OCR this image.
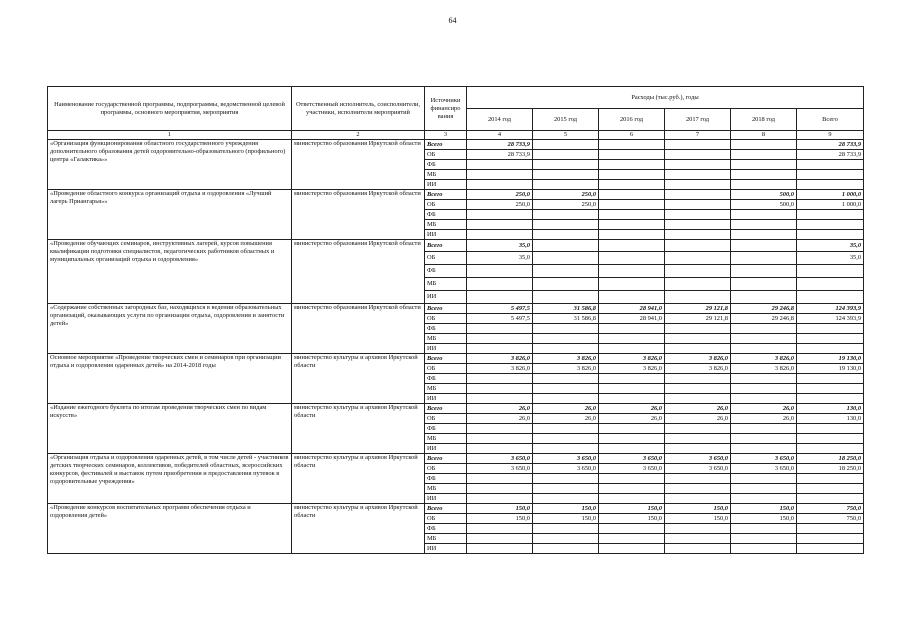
64
Наименование государственной программы, подпрограммы, ведомственной целевой программы, основного мероприятия, мероприятия	Ответственный исполнитель, соисполнители, участники, исполнители мероприятий	Источники финансиро вания	Расходы (тыс.руб.), годы					
			2014 год	2015 год	2016 год	2017 год	2018 год	Всего
1	2	3	4	5	6	7	8	9
«Организация функционирования областного государственного учреждения дополнительного образования детей оздоровительно-образовательного (профильного) центра «Галактика»»	министерство образования Иркутской области	Всего	28 733,9					28 733,9
		ОБ	28 733,9					28 733,9
		ФБ						
		МБ						
		ИИ						
«Проведение областного конкурса организаций отдыха и оздоровления «Лучший лагерь Приангарья»»	министерство образования Иркутской области	Всего	250,0	250,0			500,0	1 000,0
		ОБ	250,0	250,0			500,0	1 000,0
		ФБ						
		МБ						
		ИИ						
«Проведение обучающих семинаров, инструктивных лагерей, курсов повышения квалификации подготовки специалистов, педагогических работников областных и муниципальных организаций отдыха и оздоровления»	министерство образования Иркутской области	Всего	35,0					35,0
		ОБ	35,0					35,0
		ФБ						
		МБ						
		ИИ						
«Содержание собственных загородных баз, находящихся в ведении образовательных организаций, оказывающих услуги по организации отдыха, оздоровления и занятости детей»	министерство образования Иркутской области	Всего	5 497,5	31 586,8	28 941,0	29 121,8	29 246,8	124 393,9
		ОБ	5 497,5	31 586,8	28 941,0	29 121,8	29 246,8	124 393,9
		ФБ						
		МБ						
		ИИ						
Основное мероприятие «Проведение творческих смен и семинаров при организации отдыха и оздоровления одаренных детей» на 2014-2018 годы	министерство культуры и архивов Иркутской области	Всего	3 826,0	3 826,0	3 826,0	3 826,0	3 826,0	19 130,0
		ОБ	3 826,0	3 826,0	3 826,0	3 826,0	3 826,0	19 130,0
		ФБ						
		МБ						
		ИИ						
«Издание ежегодного буклета по итогам проведения творческих смен по видам искусств»	министерство культуры и архивов Иркутской области	Всего	26,0	26,0	26,0	26,0	26,0	130,0
		ОБ	26,0	26,0	26,0	26,0	26,0	130,0
		ФБ						
		МБ						
		ИИ						
«Организация отдыха и оздоровления одаренных детей, в том числе детей - участников детских творческих семинаров, коллективов, победителей областных, всероссийских конкурсов, фестивалей и выставок путем приобретения и предоставления путевок в оздоровительные учреждения»	министерство культуры и архивов Иркутской области	Всего	3 650,0	3 650,0	3 650,0	3 650,0	3 650,0	18 250,0
		ОБ	3 650,0	3 650,0	3 650,0	3 650,0	3 650,0	18 250,0
		ФБ						
		МБ						
		ИИ						
«Проведение конкурсов воспитательных программ обеспечения отдыха и оздоровления детей»	министерство культуры и архивов Иркутской области	Всего	150,0	150,0	150,0	150,0	150,0	750,0
		ОБ	150,0	150,0	150,0	150,0	150,0	750,0
		ФБ						
		МБ						
		ИИ						
